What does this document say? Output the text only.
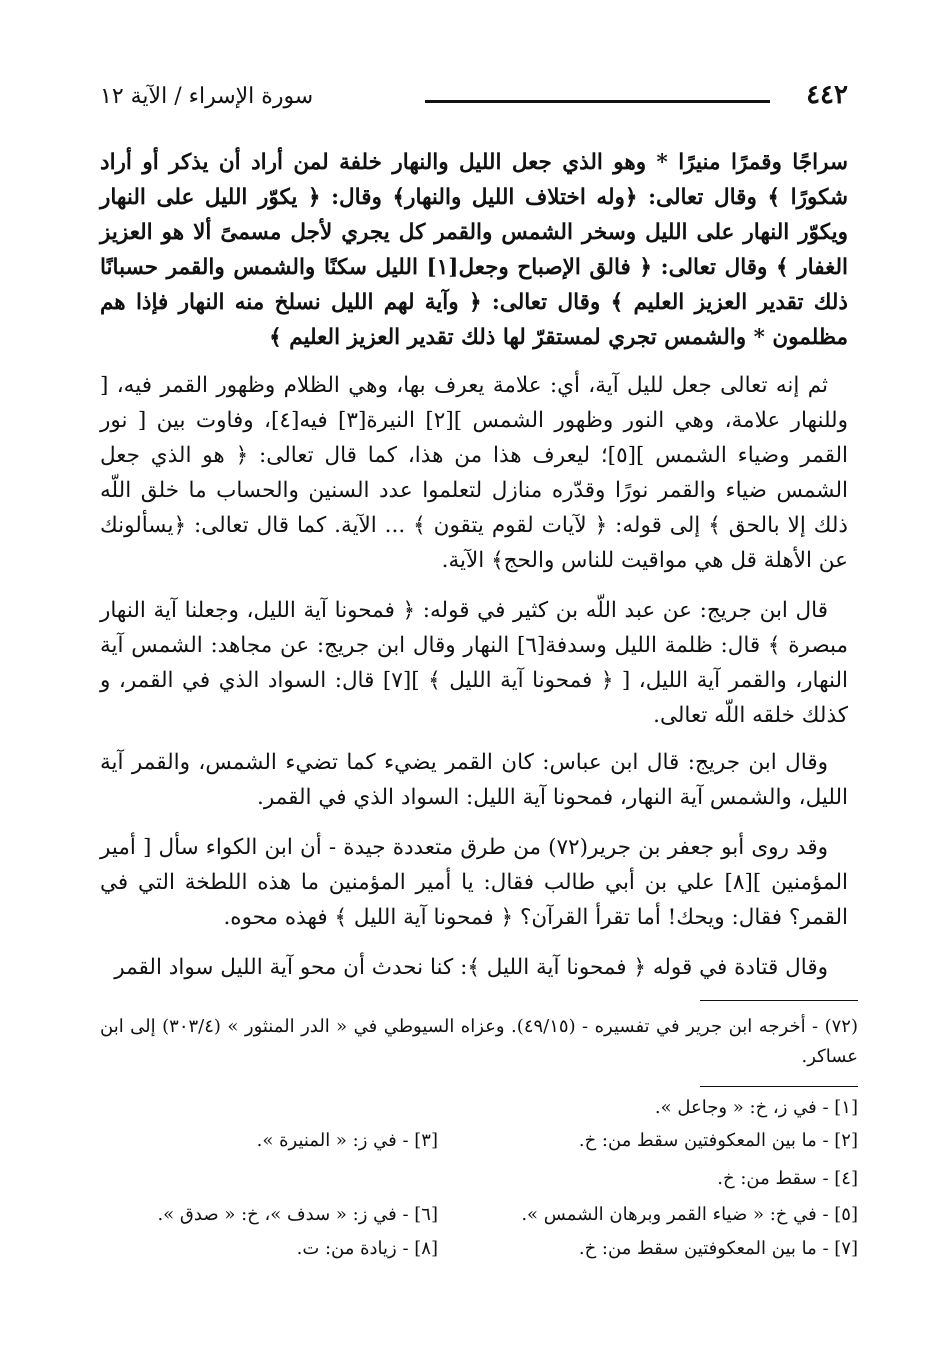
٤٤٢
سورة الإسراء / الآية ١٢

سراجًا وقمرًا منيرًا * وهو الذي جعل الليل والنهار خلفة لمن أراد أن يذكر أو أراد شكورًا ﴾ وقال تعالى: ﴿وله اختلاف الليل والنهار﴾ وقال: ﴿ يكوّر الليل على النهار ويكوّر النهار على الليل وسخر الشمس والقمر كل يجري لأجل مسمىً ألا هو العزيز الغفار ﴾ وقال تعالى: ﴿ فالق الإصباح وجعل[١] الليل سكنًا والشمس والقمر حسبانًا ذلك تقدير العزيز العليم ﴾ وقال تعالى: ﴿ وآية لهم الليل نسلخ منه النهار فإذا هم مظلمون * والشمس تجري لمستقرّ لها ذلك تقدير العزيز العليم ﴾

ثم إنه تعالى جعل لليل آية، أي: علامة يعرف بها، وهي الظلام وظهور القمر فيه، [ وللنهار علامة، وهي النور وظهور الشمس ][٢] النيرة[٣] فيه[٤]، وفاوت بين [ نور القمر وضياء الشمس ][٥]؛ ليعرف هذا من هذا، كما قال تعالى: ﴿ هو الذي جعل الشمس ضياء والقمر نورًا وقدّره منازل لتعلموا عدد السنين والحساب ما خلق اللّه ذلك إلا بالحق ﴾ إلى قوله: ﴿ لآيات لقوم يتقون ﴾ ... الآية. كما قال تعالى: ﴿يسألونك عن الأهلة قل هي مواقيت للناس والحج﴾ الآية.

قال ابن جريج: عن عبد اللّه بن كثير في قوله: ﴿ فمحونا آية الليل، وجعلنا آية النهار مبصرة ﴾ قال: ظلمة الليل وسدفة[٦] النهار وقال ابن جريج: عن مجاهد: الشمس آية النهار، والقمر آية الليل، [ ﴿ فمحونا آية الليل ﴾ ][٧] قال: السواد الذي في القمر، و كذلك خلقه اللّه تعالى.

وقال ابن جريج: قال ابن عباس: كان القمر يضيء كما تضيء الشمس، والقمر آية الليل، والشمس آية النهار، فمحونا آية الليل: السواد الذي في القمر.

وقد روى أبو جعفر بن جرير(٧٢) من طرق متعددة جيدة - أن ابن الكواء سأل [ أمير المؤمنين ][٨] علي بن أبي طالب فقال: يا أمير المؤمنين ما هذه اللطخة التي في القمر؟ فقال: ويحك! أما تقرأ القرآن؟ ﴿ فمحونا آية الليل ﴾ فهذه محوه.

وقال قتادة في قوله ﴿ فمحونا آية الليل ﴾: كنا نحدث أن محو آية الليل سواد القمر

(٧٢) - أخرجه ابن جرير في تفسيره - (٤٩/١٥). وعزاه السيوطي في « الدر المنثور » (٣٠٣/٤) إلى ابن عساكر.
[١] - في ز، خ: « وجاعل ».
[٢] - ما بين المعكوفتين سقط من: خ.
[٣] - في ز: « المنيرة ».
[٤] - سقط من: خ.
[٥] - في خ: « ضياء القمر وبرهان الشمس ».
[٦] - في ز: « سدف »، خ: « صدق ».
[٧] - ما بين المعكوفتين سقط من: خ.
[٨] - زيادة من: ت.
